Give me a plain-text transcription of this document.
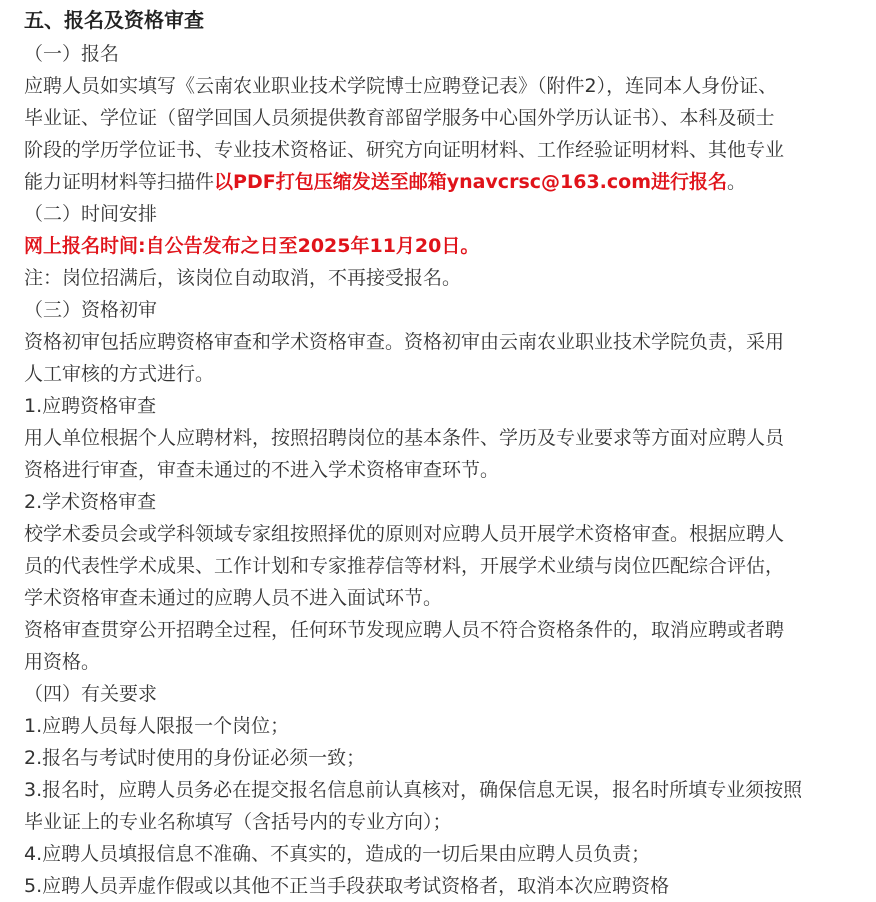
五、报名及资格审查
（一）报名
应聘人员如实填写《云南农业职业技术学院博士应聘登记表》（附件2），连同本人身份证、
毕业证、学位证（留学回国人员须提供教育部留学服务中心国外学历认证书）、本科及硕士
阶段的学历学位证书、专业技术资格证、研究方向证明材料、工作经验证明材料、其他专业
能力证明材料等扫描件以PDF打包压缩发送至邮箱ynavcrsc@163.com进行报名。
（二）时间安排
网上报名时间:自公告发布之日至2025年11月20日。
注：岗位招满后，该岗位自动取消，不再接受报名。
（三）资格初审
资格初审包括应聘资格审查和学术资格审查。资格初审由云南农业职业技术学院负责，采用
人工审核的方式进行。
1.应聘资格审查
用人单位根据个人应聘材料，按照招聘岗位的基本条件、学历及专业要求等方面对应聘人员
资格进行审查，审查未通过的不进入学术资格审查环节。
2.学术资格审查
校学术委员会或学科领域专家组按照择优的原则对应聘人员开展学术资格审查。根据应聘人
员的代表性学术成果、工作计划和专家推荐信等材料，开展学术业绩与岗位匹配综合评估，
学术资格审查未通过的应聘人员不进入面试环节。
资格审查贯穿公开招聘全过程，任何环节发现应聘人员不符合资格条件的，取消应聘或者聘
用资格。
（四）有关要求
1.应聘人员每人限报一个岗位；
2.报名与考试时使用的身份证必须一致；
3.报名时，应聘人员务必在提交报名信息前认真核对，确保信息无误，报名时所填专业须按照
毕业证上的专业名称填写（含括号内的专业方向）；
4.应聘人员填报信息不准确、不真实的，造成的一切后果由应聘人员负责；
5.应聘人员弄虚作假或以其他不正当手段获取考试资格者，取消本次应聘资格
